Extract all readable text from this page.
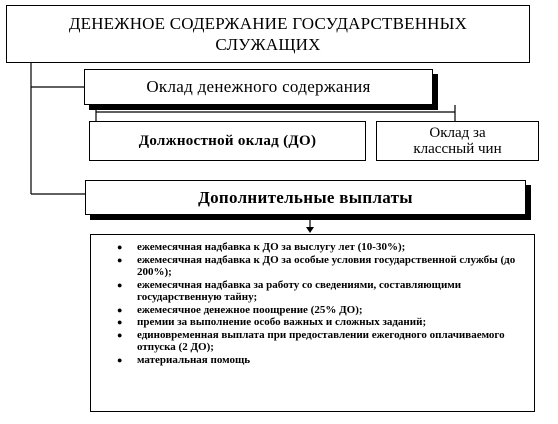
ДЕНЕЖНОЕ СОДЕРЖАНИЕ ГОСУДАРСТВЕННЫХ
СЛУЖАЩИХ
Оклад денежного содержания
Должностной оклад (ДО)	Оклад за
классный чин
Дополнительные выплаты
● ежемесячная надбавка к ДО за выслугу лет (10-30%);
● ежемесячная надбавка к ДО за особые условия государственной службы (до 200%);
● ежемесячная надбавка за работу со сведениями, составляющими государственную тайну;
● ежемесячное денежное поощрение (25% ДО);
● премии за выполнение особо важных и сложных заданий;
● единовременная выплата при предоставлении ежегодного оплачиваемого отпуска (2 ДО);
● материальная помощь
